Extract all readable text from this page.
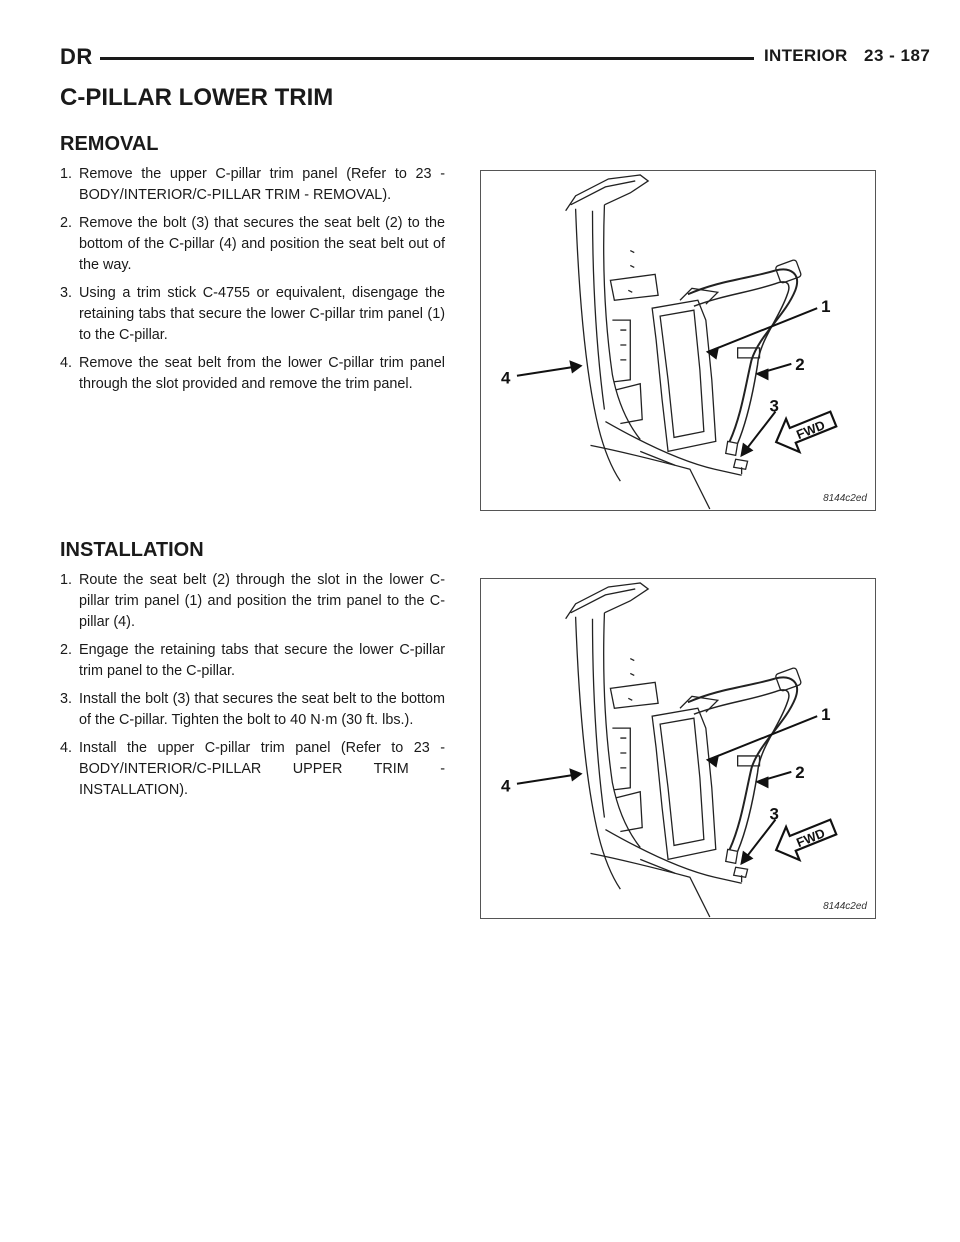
DR	INTERIOR 23 - 187
C-PILLAR LOWER TRIM
REMOVAL
1. Remove the upper C-pillar trim panel (Refer to 23 - BODY/INTERIOR/C-PILLAR TRIM - REMOVAL).
2. Remove the bolt (3) that secures the seat belt (2) to the bottom of the C-pillar (4) and position the seat belt out of the way.
3. Using a trim stick C-4755 or equivalent, disengage the retaining tabs that secure the lower C-pillar trim panel (1) to the C-pillar.
4. Remove the seat belt from the lower C-pillar trim panel through the slot provided and remove the trim panel.
FWD
1
2
3
4
8144c2ed
INSTALLATION
1. Route the seat belt (2) through the slot in the lower C-pillar trim panel (1) and position the trim panel to the C-pillar (4).
2. Engage the retaining tabs that secure the lower C-pillar trim panel to the C-pillar.
3. Install the bolt (3) that secures the seat belt to the bottom of the C-pillar. Tighten the bolt to 40 N·m (30 ft. lbs.).
4. Install the upper C-pillar trim panel (Refer to 23 - BODY/INTERIOR/C-PILLAR UPPER TRIM - INSTALLATION).
FWD
1
2
3
4
8144c2ed
